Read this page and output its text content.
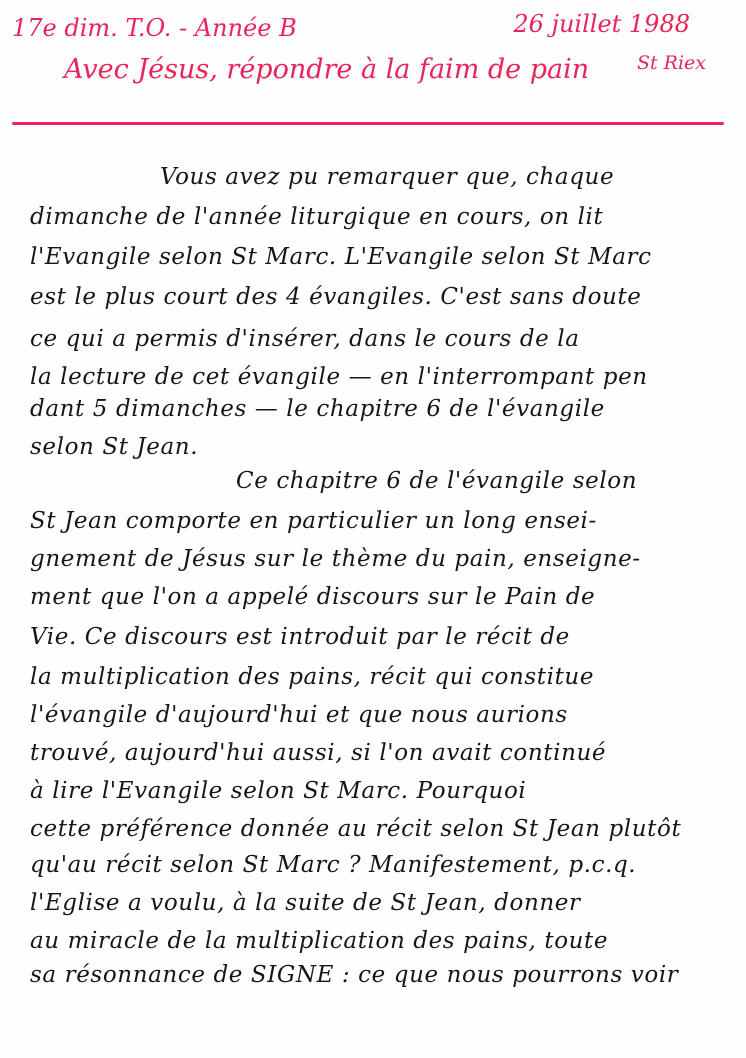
17e dim. T.O. - Année B	26 juillet 1988
St Riex
Avec Jésus, répondre à la faim de pain
Vous avez pu remarquer que, chaque
dimanche de l'année liturgique en cours, on lit
l'Evangile selon St Marc. L'Evangile selon St Marc
est le plus court des 4 évangiles. C'est sans doute
ce qui a permis d'insérer, dans le cours de la
la lecture de cet évangile — en l'interrompant pen
dant 5 dimanches — le chapitre 6 de l'évangile
selon St Jean.
Ce chapitre 6 de l'évangile selon
St Jean comporte en particulier un long ensei-
gnement de Jésus sur le thème du pain, enseigne-
ment que l'on a appelé discours sur le Pain de
Vie. Ce discours est introduit par le récit de
la multiplication des pains, récit qui constitue
l'évangile d'aujourd'hui et que nous aurions
trouvé, aujourd'hui aussi, si l'on avait continué
à lire l'Evangile selon St Marc. Pourquoi
cette préférence donnée au récit selon St Jean plutôt
qu'au récit selon St Marc ? Manifestement, p.c.q.
l'Eglise a voulu, à la suite de St Jean, donner
au miracle de la multiplication des pains, toute
sa résonnance de SIGNE : ce que nous pourrons voir
